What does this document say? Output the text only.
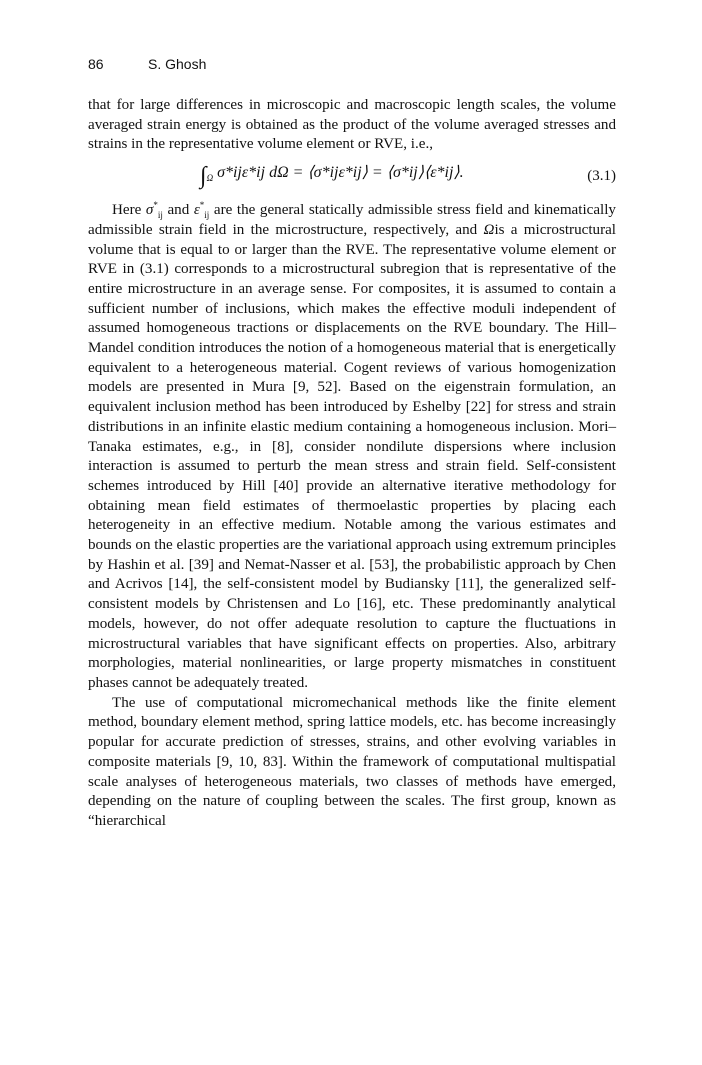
86	S. Ghosh

that for large differences in microscopic and macroscopic length scales, the volume averaged strain energy is obtained as the product of the volume averaged stresses and strains in the representative volume element or RVE, i.e.,

$\int_\Omega$ σ*ijε*ij dΩ = ⟨σ*ijε*ij⟩ = ⟨σ*ij⟩⟨ε*ij⟩.	(3.1)

Here $\sigma^*_{ij}$ and $\varepsilon^*_{ij}$ are the general statically admissible stress field and kinematically admissible strain field in the microstructure, respectively, and Ωis a microstructural volume that is equal to or larger than the RVE. The representative volume element or RVE in (3.1) corresponds to a microstructural subregion that is representative of the entire microstructure in an average sense. For composites, it is assumed to contain a sufficient number of inclusions, which makes the effective moduli independent of assumed homogeneous tractions or displacements on the RVE boundary. The Hill–Mandel condition introduces the notion of a homogeneous material that is energetically equivalent to a heterogeneous material. Cogent reviews of various homogenization models are presented in Mura [9, 52]. Based on the eigenstrain formulation, an equivalent inclusion method has been introduced by Eshelby [22] for stress and strain distributions in an infinite elastic medium containing a homogeneous inclusion. Mori–Tanaka estimates, e.g., in [8], consider nondilute dispersions where inclusion interaction is assumed to perturb the mean stress and strain field. Self-consistent schemes introduced by Hill [40] provide an alternative iterative methodology for obtaining mean field estimates of thermoelastic properties by placing each heterogeneity in an effective medium. Notable among the various estimates and bounds on the elastic properties are the variational approach using extremum principles by Hashin et al. [39] and Nemat-Nasser et al. [53], the probabilistic approach by Chen and Acrivos [14], the self-consistent model by Budiansky [11], the generalized self-consistent models by Christensen and Lo [16], etc. These predominantly analytical models, however, do not offer adequate resolution to capture the fluctuations in microstructural variables that have significant effects on properties. Also, arbitrary morphologies, material nonlinearities, or large property mismatches in constituent phases cannot be adequately treated.

The use of computational micromechanical methods like the finite element method, boundary element method, spring lattice models, etc. has become increasingly popular for accurate prediction of stresses, strains, and other evolving variables in composite materials [9, 10, 83]. Within the framework of computational multispatial scale analyses of heterogeneous materials, two classes of methods have emerged, depending on the nature of coupling between the scales. The first group, known as “hierarchical
